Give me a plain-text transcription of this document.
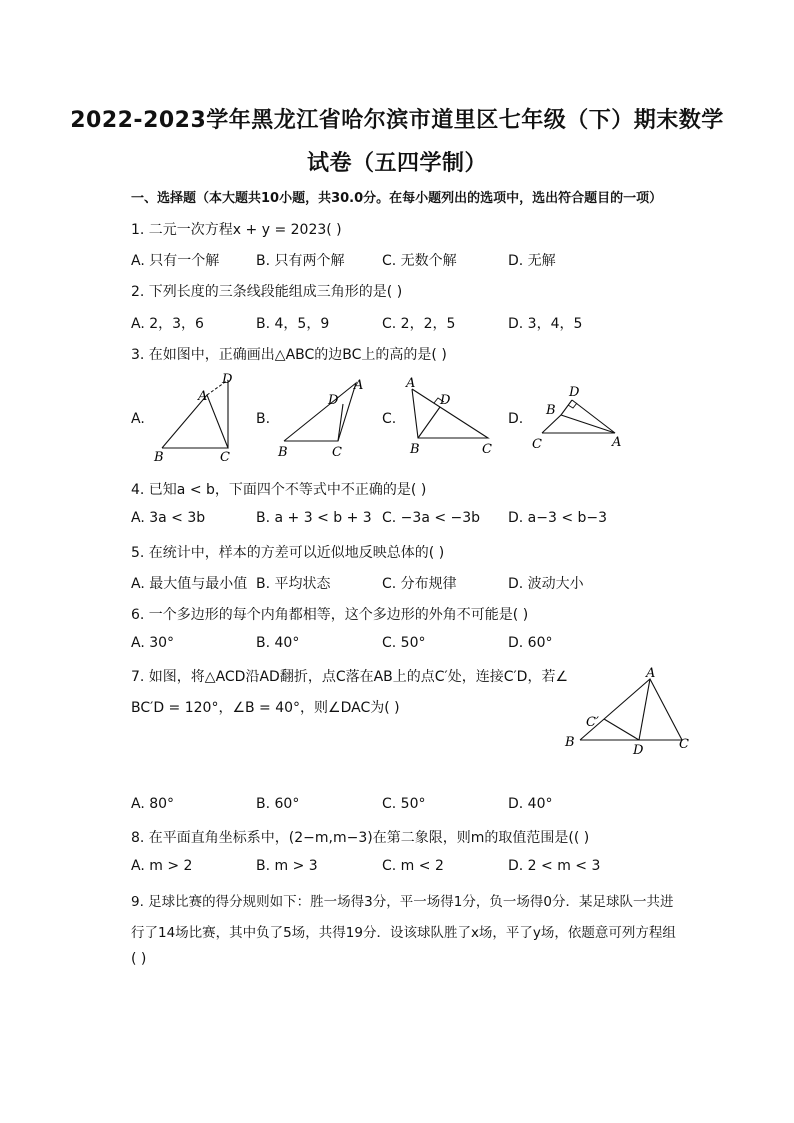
2022-2023学年黑龙江省哈尔滨市道里区七年级（下）期末数学
试卷（五四学制）
一、选择题（本大题共10小题，共30.0分。在每小题列出的选项中，选出符合题目的一项）
1. 二元一次方程x + y = 2023( )
A. 只有一个解	B. 只有两个解	C. 无数个解	D. 无解
2. 下列长度的三条线段能组成三角形的是( )
A. 2，3，6	B. 4，5，9	C. 2，2，5	D. 3，4，5
3. 在如图中，正确画出△ABC的边BC上的高的是( )
A.	B.	C.	D.
A
B	C
D	A
B	C
D
A
B	C
D
A
B
C
D
4. 已知a < b，下面四个不等式中不正确的是( )
A. 3a < 3b	B. a + 3 < b + 3 C. −3a < −3b D. a−3 < b−3
5. 在统计中，样本的方差可以近似地反映总体的( )
A. 最大值与最小值 B. 平均状态	C. 分布规律	D. 波动大小
6. 一个多边形的每个内角都相等，这个多边形的外角不可能是( )
A. 30°	B. 40°	C. 50°	D. 60°
7. 如图，将△ACD沿AD翻折，点C落在AB上的点C′处，连接C′D，若∠
BC′D = 120°，∠B = 40°，则∠DAC为( )
A
B	C
C′
D
A. 80°	B. 60°	C. 50°	D. 40°
8. 在平面直角坐标系中，(2−m,m−3)在第二象限，则m的取值范围是(( )
A. m > 2	B. m > 3	C. m < 2	D. 2 < m < 3
9. 足球比赛的得分规则如下：胜一场得3分，平一场得1分，负一场得0分．某足球队一共进
行了14场比赛，其中负了5场，共得19分．设该球队胜了x场，平了y场，依题意可列方程组
( )
